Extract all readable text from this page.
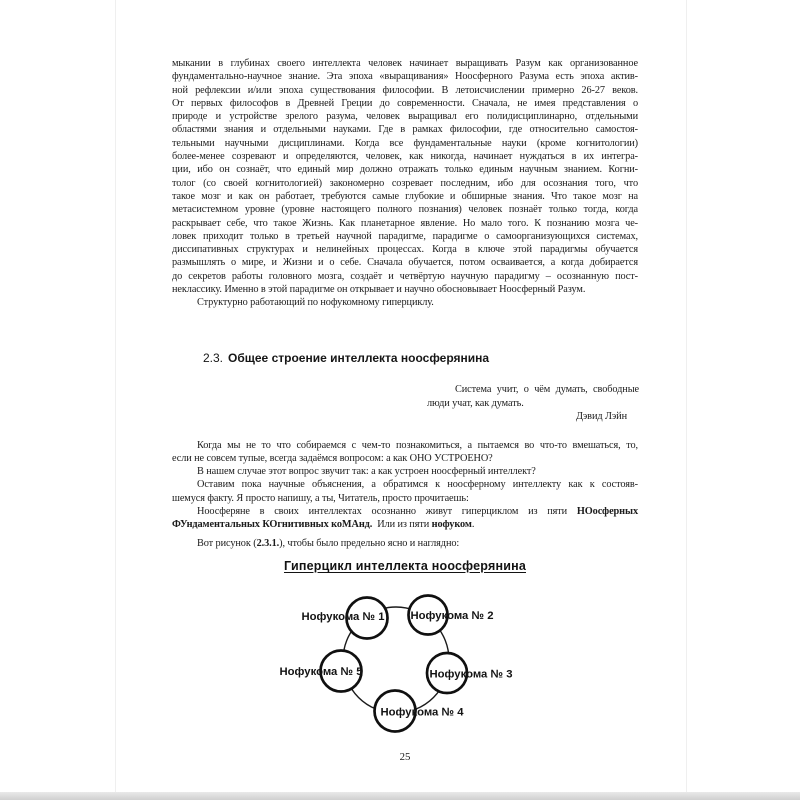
мыкании в глубинах своего интеллекта человек начинает выращивать Разум как организованное
фундаментально-научное знание. Эта эпоха «выращивания» Ноосферного Разума есть эпоха актив-
ной рефлексии и/или эпоха существования философии. В летоисчислении примерно 26-27 веков.
От первых философов в Древней Греции до современности. Сначала, не имея представления о
природе и устройстве зрелого разума, человек выращивал его полидисциплинарно, отдельными
областями знания и отдельными науками. Где в рамках философии, где относительно самостоя-
тельными научными дисциплинами. Когда все фундаментальные науки (кроме когнитологии)
более-менее созревают и определяются, человек, как никогда, начинает нуждаться в их интегра-
ции, ибо он сознаёт, что единый мир должно отражать только единым научным знанием. Когни-
толог (со своей когнитологией) закономерно созревает последним, ибо для осознания того, что
такое мозг и как он работает, требуются самые глубокие и обширные знания. Что такое мозг на
метасистемном уровне (уровне настоящего полного познания) человек познаёт только тогда, когда
раскрывает себе, что такое Жизнь. Как планетарное явление. Но мало того. К познанию мозга че-
ловек приходит только в третьей научной парадигме, парадигме о самоорганизующихся системах,
диссипативных структурах и нелинейных процессах. Когда в ключе этой парадигмы обучается
размышлять о мире, и Жизни и о себе. Сначала обучается, потом осваивается, а когда добирается
до секретов работы головного мозга, создаёт и четвёртую научную парадигму – осознанную пост-
неклассику. Именно в этой парадигме он открывает и научно обосновывает Ноосферный Разум.
Структурно работающий по нофукомному гиперциклу.
2.3. Общее строение интеллекта ноосферянина
Система учит, о чём думать, свободные
люди учат, как думать.
Дэвид Лэйн
Когда мы не то что собираемся с чем-то познакомиться, а пытаемся во что-то вмешаться, то,
если не совсем тупые, всегда задаёмся вопросом: а как ОНО УСТРОЕНО?
В нашем случае этот вопрос звучит так: а как устроен ноосферный интеллект?
Оставим пока научные объяснения, а обратимся к ноосферному интеллекту как к состояв-
шемуся факту. Я просто напишу, а ты, Читатель, просто прочитаешь:
Ноосферяне в своих интеллектах осознанно живут гиперциклом из пяти НОосферных
ФУндаментальных КОгнитивных коМАнд.  Или из пяти нофуком.
Вот рисунок (2.3.1.), чтобы было предельно ясно и наглядно:
Гиперцикл интеллекта ноосферянина
Нофукома № 1 Нофукома № 2
Нофукома № 3
Нофукома № 4
Нофукома № 5
25
